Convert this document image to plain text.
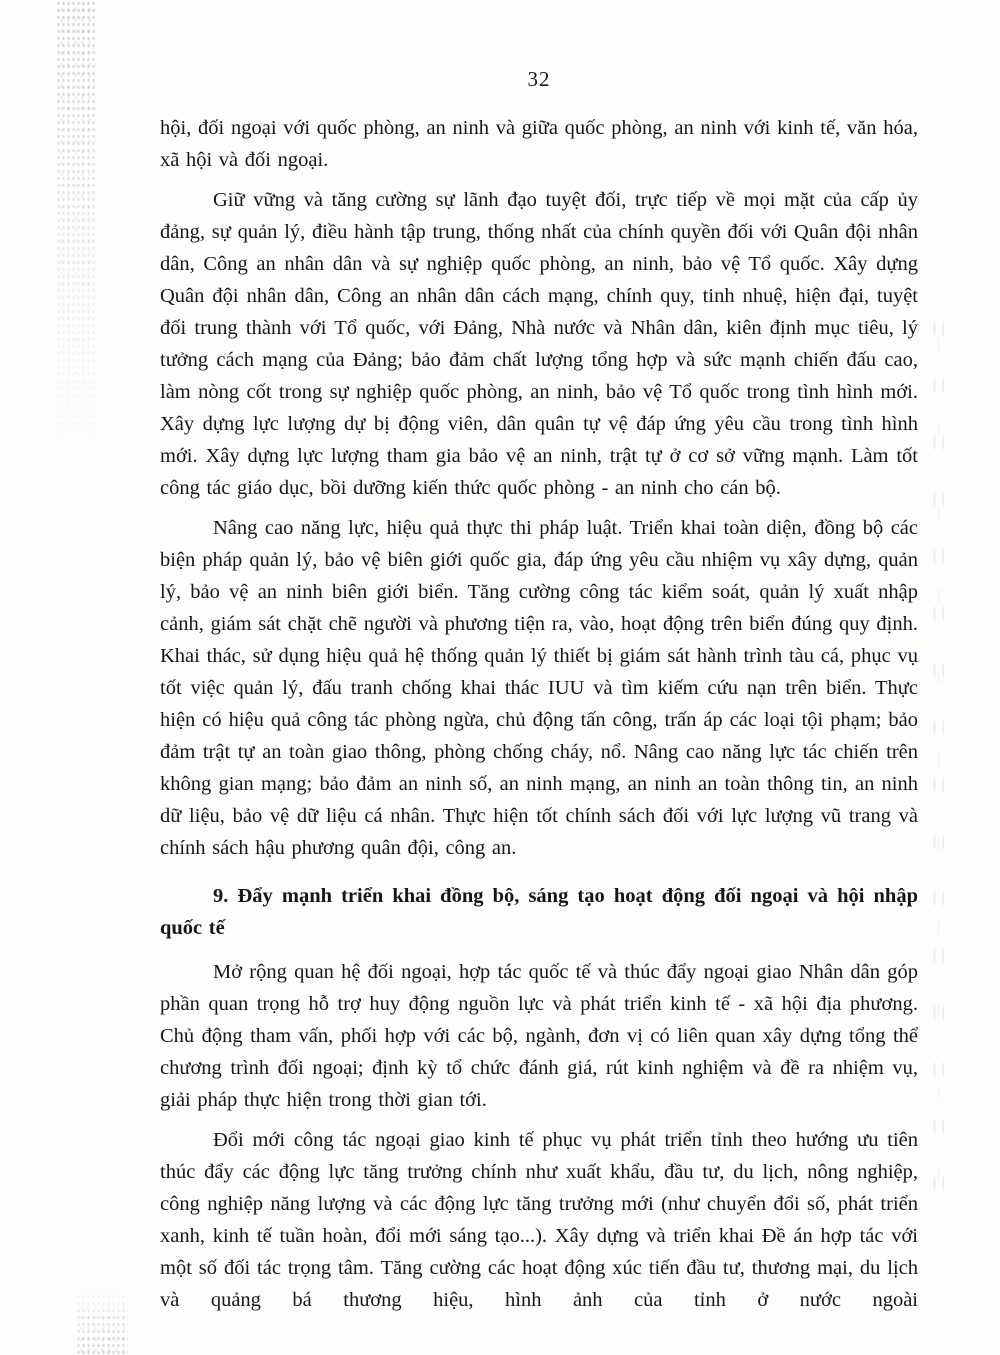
32

hội, đối ngoại với quốc phòng, an ninh và giữa quốc phòng, an ninh với kinh tế, văn hóa, xã hội và đối ngoại.

Giữ vững và tăng cường sự lãnh đạo tuyệt đối, trực tiếp về mọi mặt của cấp ủy đảng, sự quản lý, điều hành tập trung, thống nhất của chính quyền đối với Quân đội nhân dân, Công an nhân dân và sự nghiệp quốc phòng, an ninh, bảo vệ Tổ quốc. Xây dựng Quân đội nhân dân, Công an nhân dân cách mạng, chính quy, tinh nhuệ, hiện đại, tuyệt đối trung thành với Tổ quốc, với Đảng, Nhà nước và Nhân dân, kiên định mục tiêu, lý tưởng cách mạng của Đảng; bảo đảm chất lượng tổng hợp và sức mạnh chiến đấu cao, làm nòng cốt trong sự nghiệp quốc phòng, an ninh, bảo vệ Tổ quốc trong tình hình mới. Xây dựng lực lượng dự bị động viên, dân quân tự vệ đáp ứng yêu cầu trong tình hình mới. Xây dựng lực lượng tham gia bảo vệ an ninh, trật tự ở cơ sở vững mạnh. Làm tốt công tác giáo dục, bồi dưỡng kiến thức quốc phòng - an ninh cho cán bộ.

Nâng cao năng lực, hiệu quả thực thi pháp luật. Triển khai toàn diện, đồng bộ các biện pháp quản lý, bảo vệ biên giới quốc gia, đáp ứng yêu cầu nhiệm vụ xây dựng, quản lý, bảo vệ an ninh biên giới biển. Tăng cường công tác kiểm soát, quản lý xuất nhập cảnh, giám sát chặt chẽ người và phương tiện ra, vào, hoạt động trên biển đúng quy định. Khai thác, sử dụng hiệu quả hệ thống quản lý thiết bị giám sát hành trình tàu cá, phục vụ tốt việc quản lý, đấu tranh chống khai thác IUU và tìm kiếm cứu nạn trên biển. Thực hiện có hiệu quả công tác phòng ngừa, chủ động tấn công, trấn áp các loại tội phạm; bảo đảm trật tự an toàn giao thông, phòng chống cháy, nổ. Nâng cao năng lực tác chiến trên không gian mạng; bảo đảm an ninh số, an ninh mạng, an ninh an toàn thông tin, an ninh dữ liệu, bảo vệ dữ liệu cá nhân. Thực hiện tốt chính sách đối với lực lượng vũ trang và chính sách hậu phương quân đội, công an.

9. Đẩy mạnh triển khai đồng bộ, sáng tạo hoạt động đối ngoại và hội nhập quốc tế

Mở rộng quan hệ đối ngoại, hợp tác quốc tế và thúc đẩy ngoại giao Nhân dân góp phần quan trọng hỗ trợ huy động nguồn lực và phát triển kinh tế - xã hội địa phương. Chủ động tham vấn, phối hợp với các bộ, ngành, đơn vị có liên quan xây dựng tổng thể chương trình đối ngoại; định kỳ tổ chức đánh giá, rút kinh nghiệm và đề ra nhiệm vụ, giải pháp thực hiện trong thời gian tới.

Đổi mới công tác ngoại giao kinh tế phục vụ phát triển tỉnh theo hướng ưu tiên thúc đẩy các động lực tăng trưởng chính như xuất khẩu, đầu tư, du lịch, nông nghiệp, công nghiệp năng lượng và các động lực tăng trưởng mới (như chuyển đổi số, phát triển xanh, kinh tế tuần hoàn, đổi mới sáng tạo...). Xây dựng và triển khai Đề án hợp tác với một số đối tác trọng tâm. Tăng cường các hoạt động xúc tiến đầu tư, thương mại, du lịch và quảng bá thương hiệu, hình ảnh của tỉnh ở nước ngoài
